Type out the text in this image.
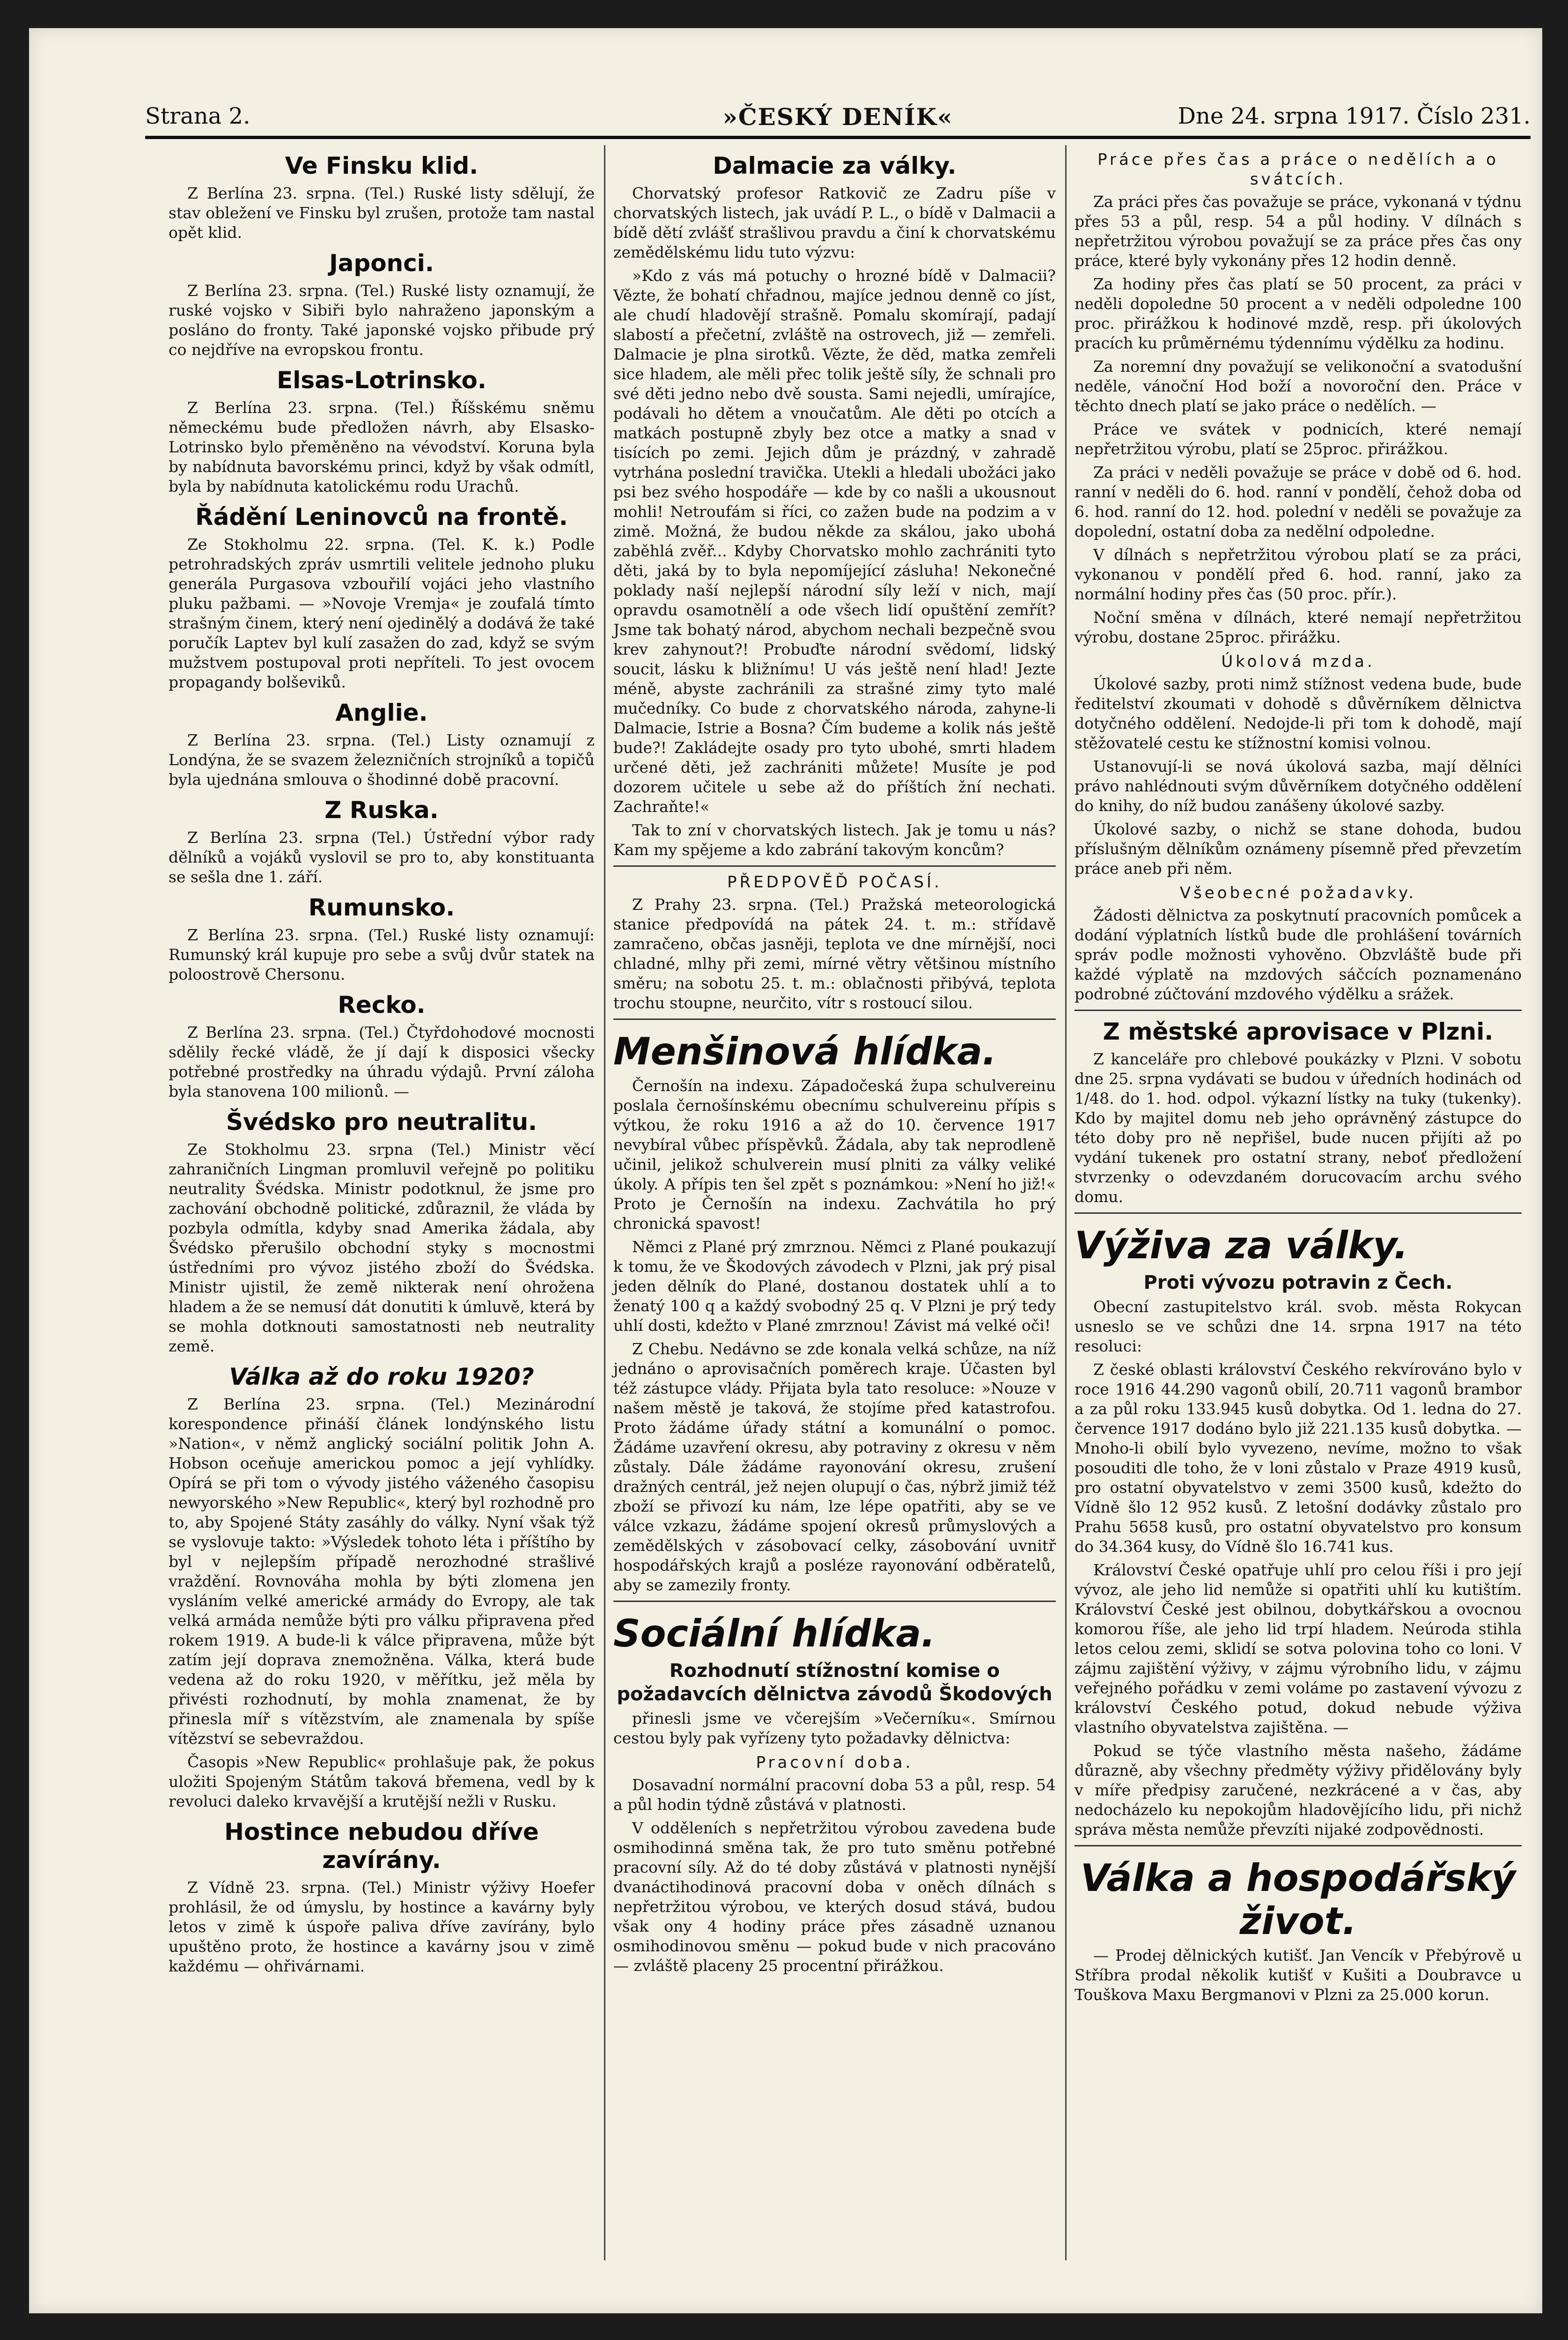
Strana 2.	»ČESKÝ DENÍK«	Dne 24. srpna 1917. Číslo 231.
Ve Finsku klid.

Z Berlína 23. srpna. (Tel.) Ruské listy sdělují, že stav obležení ve Finsku byl zrušen, protože tam nastal opět klid.

Japonci.

Z Berlína 23. srpna. (Tel.) Ruské listy oznamují, že ruské vojsko v Sibiři bylo nahraženo japonským a posláno do fronty. Také japonské vojsko přibude prý co nejdříve na evropskou frontu.

Elsas-Lotrinsko.

Z Berlína 23. srpna. (Tel.) Říšskému sněmu německému bude předložen návrh, aby Elsasko-Lotrinsko bylo přeměněno na vévodství. Koruna byla by nabídnuta bavorskému princi, když by však odmítl, byla by nabídnuta katolickému rodu Urachů.

Řádění Leninovců na frontě.

Ze Stokholmu 22. srpna. (Tel. K. k.) Podle petrohradských zpráv usmrtili velitele jednoho pluku generála Purgasova vzbouřilí vojáci jeho vlastního pluku pažbami. — »Novoje Vremja« je zoufalá tímto strašným činem, který není ojedinělý a dodává že také poručík Laptev byl kulí zasažen do zad, když se svým mužstvem postupoval proti nepříteli. To jest ovocem propagandy bolševiků.

Anglie.

Z Berlína 23. srpna. (Tel.) Listy oznamují z Londýna, že se svazem železničních strojníků a topičů byla ujednána smlouva o šhodinné době pracovní.

Z Ruska.

Z Berlína 23. srpna (Tel.) Ústřední výbor rady dělníků a vojáků vyslovil se pro to, aby konstituanta se sešla dne 1. září.

Rumunsko.

Z Berlína 23. srpna. (Tel.) Ruské listy oznamují: Rumunský král kupuje pro sebe a svůj dvůr statek na poloostrově Chersonu.

Recko.

Z Berlína 23. srpna. (Tel.) Čtyřdohodové mocnosti sdělily řecké vládě, že jí dají k disposici všecky potřebné prostředky na úhradu výdajů. První záloha byla stanovena 100 milionů. —

Švédsko pro neutralitu.

Ze Stokholmu 23. srpna (Tel.) Ministr věcí zahraničních Lingman promluvil veřejně po politiku neutrality Švédska. Ministr podotknul, že jsme pro zachování obchodně politické, zdůraznil, že vláda by pozbyla odmítla, kdyby snad Amerika žádala, aby Švédsko přerušilo obchodní styky s mocnostmi ústředními pro vývoz jistého zboží do Švédska. Ministr ujistil, že země nikterak není ohrožena hladem a že se nemusí dát donutiti k úmluvě, která by se mohla dotknouti samostatnosti neb neutrality země.

Válka až do roku 1920?

Z Berlína 23. srpna. (Tel.) Mezinárodní korespondence přináší článek londýnského listu »Nation«, v němž anglický sociální politik John A. Hobson oceňuje americkou pomoc a její vyhlídky. Opírá se při tom o vývody jistého váženého časopisu newyorského »New Republic«, který byl rozhodně pro to, aby Spojené Státy zasáhly do války. Nyní však týž se vyslovuje takto: »Výsledek tohoto léta i příštího by byl v nejlepším případě nerozhodné strašlivé vraždění. Rovnováha mohla by býti zlomena jen vysláním velké americké armády do Evropy, ale tak velká armáda nemůže býti pro válku připravena před rokem 1919. A bude-li k válce připravena, může být zatím její doprava znemožněna. Válka, která bude vedena až do roku 1920, v měřítku, jež měla by přivésti rozhodnutí, by mohla znamenat, že by přinesla míř s vítězstvím, ale znamenala by spíše vítězství se sebevraždou.

Časopis »New Republic« prohlašuje pak, že pokus uložiti Spojeným Státům taková břemena, vedl by k revoluci daleko krvavější a krutější nežli v Rusku.

Hostince nebudou dříve zavírány.

Z Vídně 23. srpna. (Tel.) Ministr výživy Hoefer prohlásil, že od úmyslu, by hostince a kavárny byly letos v zimě k úspoře paliva dříve zavírány, bylo upuštěno proto, že hostince a kavárny jsou v zimě každému — ohřivárnami.

Dalmacie za války.

Chorvatský profesor Ratkovič ze Zadru píše v chorvatských listech, jak uvádí P. L., o bídě v Dalmacii a bídě dětí zvlášť strašlivou pravdu a činí k chorvatskému zemědělskému lidu tuto výzvu:

»Kdo z vás má potuchy o hrozné bídě v Dalmacii? Vězte, že bohatí chřadnou, majíce jednou denně co jíst, ale chudí hladovějí strašně. Pomalu skomírají, padají slabostí a přečetní, zvláště na ostrovech, již — zemřeli. Dalmacie je plna sirotků. Vězte, že děd, matka zemřeli sice hladem, ale měli přec tolik ještě síly, že schnali pro své děti jedno nebo dvě sousta. Sami nejedli, umírajíce, podávali ho dětem a vnoučatům. Ale děti po otcích a matkách postupně zbyly bez otce a matky a snad v tisících po zemi. Jejich dům je prázdný, v zahradě vytrhána poslední travička. Utekli a hledali ubožáci jako psi bez svého hospodáře — kde by co našli a ukousnout mohli! Netroufám si říci, co zažen bude na podzim a v zimě. Možná, že budou někde za skálou, jako ubohá zaběhlá zvěř... Kdyby Chorvatsko mohlo zachrániti tyto děti, jaká by to byla nepomíjející zásluha! Nekonečné poklady naší nejlepší národní síly leží v nich, mají opravdu osamotnělí a ode všech lidí opuštění zemřít? Jsme tak bohatý národ, abychom nechali bezpečně svou krev zahynout?! Probuďte národní svědomí, lidský soucit, lásku k bližnímu! U vás ještě není hlad! Jezte méně, abyste zachránili za strašné zimy tyto malé mučedníky. Co bude z chorvatského národa, zahyne-li Dalmacie, Istrie a Bosna? Čím budeme a kolik nás ještě bude?! Zakládejte osady pro tyto ubohé, smrti hladem určené děti, jež zachrániti můžete! Musíte je pod dozorem učitele u sebe až do příštích žní nechati. Zachraňte!«

Tak to zní v chorvatských listech. Jak je tomu u nás? Kam my spějeme a kdo zabrání takovým koncům?

PŘEDPOVĚĎ POČASÍ.

Z Prahy 23. srpna. (Tel.) Pražská meteorologická stanice předpovídá na pátek 24. t. m.: střídavě zamračeno, občas jasněji, teplota ve dne mírnější, noci chladné, mlhy při zemi, mírné větry většinou místního směru; na sobotu 25. t. m.: oblačnosti přibývá, teplota trochu stoupne, neurčito, vítr s rostoucí silou.

Menšinová hlídka.

Černošín na indexu. Západočeská župa schulvereinu poslala černošínskému obecnímu schulvereinu přípis s výtkou, že roku 1916 a až do 10. července 1917 nevybíral vůbec příspěvků. Žádala, aby tak neprodleně učinil, jelikož schulverein musí plniti za války veliké úkoly. A přípis ten šel zpět s poznámkou: »Není ho již!« Proto je Černošín na indexu. Zachvátila ho prý chronická spavost!

Němci z Plané prý zmrznou. Němci z Plané poukazují k tomu, že ve Škodových závodech v Plzni, jak prý pisal jeden dělník do Plané, dostanou dostatek uhlí a to ženatý 100 q a každý svobodný 25 q. V Plzni je prý tedy uhlí dosti, kdežto v Plané zmrznou! Závist má velké oči!

Z Chebu. Nedávno se zde konala velká schůze, na níž jednáno o aprovisačních poměrech kraje. Účasten byl též zástupce vlády. Přijata byla tato resoluce: »Nouze v našem městě je taková, že stojíme před katastrofou. Proto žádáme úřady státní a komunální o pomoc. Žádáme uzavření okresu, aby potraviny z okresu v něm zůstaly. Dále žádáme rayonování okresu, zrušení dražných centrál, jež nejen olupují o čas, nýbrž jimiž též zboží se přivozí ku nám, lze lépe opatřiti, aby se ve válce vzkazu, žádáme spojení okresů průmyslových a zemědělských v zásobovací celky, zásobování uvnitř hospodářských krajů a posléze rayonování odběratelů, aby se zamezily fronty.

Sociální hlídka.
Rozhodnutí stížnostní komise o požadavcích dělnictva závodů Škodových

přinesli jsme ve včerejším »Večerníku«. Smírnou cestou byly pak vyřízeny tyto požadavky dělnictva:

Pracovní doba.

Dosavadní normální pracovní doba 53 a půl, resp. 54 a půl hodin týdně zůstává v platnosti.

V odděleních s nepřetržitou výrobou zavedena bude osmihodinná směna tak, že pro tuto směnu potřebné pracovní síly. Až do té doby zůstává v platnosti nynější dvanáctihodinová pracovní doba v oněch dílnách s nepřetržitou výrobou, ve kterých dosud stává, budou však ony 4 hodiny práce přes zásadně uznanou osmihodinovou směnu — pokud bude v nich pracováno — zvláště placeny 25 procentní přirážkou.

Práce přes čas a práce o nedělích a o svátcích.

Za práci přes čas považuje se práce, vykonaná v týdnu přes 53 a půl, resp. 54 a půl hodiny. V dílnách s nepřetržitou výrobou považují se za práce přes čas ony práce, které byly vykonány přes 12 hodin denně.

Za hodiny přes čas platí se 50 procent, za práci v neděli dopoledne 50 procent a v neděli odpoledne 100 proc. přirážkou k hodinové mzdě, resp. při úkolových pracích ku průměrnému týdennímu výdělku za hodinu.

Za noremní dny považují se velikonoční a svatodušní neděle, vánoční Hod boží a novoroční den. Práce v těchto dnech platí se jako práce o nedělích. —

Práce ve svátek v podnicích, které nemají nepřetržitou výrobu, platí se 25proc. přirážkou.

Za práci v neděli považuje se práce v době od 6. hod. ranní v neděli do 6. hod. ranní v pondělí, čehož doba od 6. hod. ranní do 12. hod. polední v neděli se považuje za dopolední, ostatní doba za nedělní odpoledne.

V dílnách s nepřetržitou výrobou platí se za práci, vykonanou v pondělí před 6. hod. ranní, jako za normální hodiny přes čas (50 proc. přír.).

Noční směna v dílnách, které nemají nepřetržitou výrobu, dostane 25proc. přirážku.

Úkolová mzda.

Úkolové sazby, proti nimž stížnost vedena bude, bude ředitelství zkoumati v dohodě s důvěrníkem dělnictva dotyčného oddělení. Nedojde-li při tom k dohodě, mají stěžovatelé cestu ke stížnostní komisi volnou.

Ustanovují-li se nová úkolová sazba, mají dělníci právo nahlédnouti svým důvěrníkem dotyčného oddělení do knihy, do níž budou zanášeny úkolové sazby.

Úkolové sazby, o nichž se stane dohoda, budou příslušným dělníkům oznámeny písemně před převzetím práce aneb při něm.

Všeobecné požadavky.

Žádosti dělnictva za poskytnutí pracovních pomůcek a dodání výplatních lístků bude dle prohlášení továrních správ podle možnosti vyhověno. Obzvláště bude při každé výplatě na mzdových sáčcích poznamenáno podrobné zúčtování mzdového výdělku a srážek.

Z městské aprovisace v Plzni.

Z kanceláře pro chlebové poukázky v Plzni. V sobotu dne 25. srpna vydávati se budou v úředních hodinách od 1/48. do 1. hod. odpol. výkazní lístky na tuky (tukenky). Kdo by majitel domu neb jeho oprávněný zástupce do této doby pro ně nepřišel, bude nucen přijíti až po vydání tukenek pro ostatní strany, neboť předložení stvrzenky o odevzdaném dorucovacím archu svého domu.

Výživa za války.
Proti vývozu potravin z Čech.

Obecní zastupitelstvo král. svob. města Rokycan usneslo se ve schůzi dne 14. srpna 1917 na této resoluci:

Z české oblasti království Českého rekvírováno bylo v roce 1916 44.290 vagonů obilí, 20.711 vagonů brambor a za půl roku 133.945 kusů dobytka. Od 1. ledna do 27. července 1917 dodáno bylo již 221.135 kusů dobytka. — Mnoho-li obilí bylo vyvezeno, nevíme, možno to však posouditi dle toho, že v loni zůstalo v Praze 4919 kusů, pro ostatní obyvatelstvo v zemi 3500 kusů, kdežto do Vídně šlo 12 952 kusů. Z letošní dodávky zůstalo pro Prahu 5658 kusů, pro ostatní obyvatelstvo pro konsum do 34.364 kusy, do Vídně šlo 16.741 kus.

Království České opatřuje uhlí pro celou říši i pro její vývoz, ale jeho lid nemůže si opatřiti uhlí ku kutištím. Království České jest obilnou, dobytkářskou a ovocnou komorou říše, ale jeho lid trpí hladem. Neúroda stihla letos celou zemi, sklidí se sotva polovina toho co loni. V zájmu zajištění výživy, v zájmu výrobního lidu, v zájmu veřejného pořádku v zemi voláme po zastavení vývozu z království Českého potud, dokud nebude výživa vlastního obyvatelstva zajištěna. —

Pokud se týče vlastního města našeho, žádáme důrazně, aby všechny předměty výživy přidělovány byly v míře předpisy zaručené, nezkrácené a v čas, aby nedocházelo ku nepokojům hladovějícího lidu, při nichž správa města nemůže převzíti nijaké zodpovědnosti.

Válka a hospodářský život.

— Prodej dělnických kutišť. Jan Vencík v Přebýrově u Stříbra prodal několik kutišť v Kušiti a Doubravce u Touškova Maxu Bergmanovi v Plzni za 25.000 korun.
